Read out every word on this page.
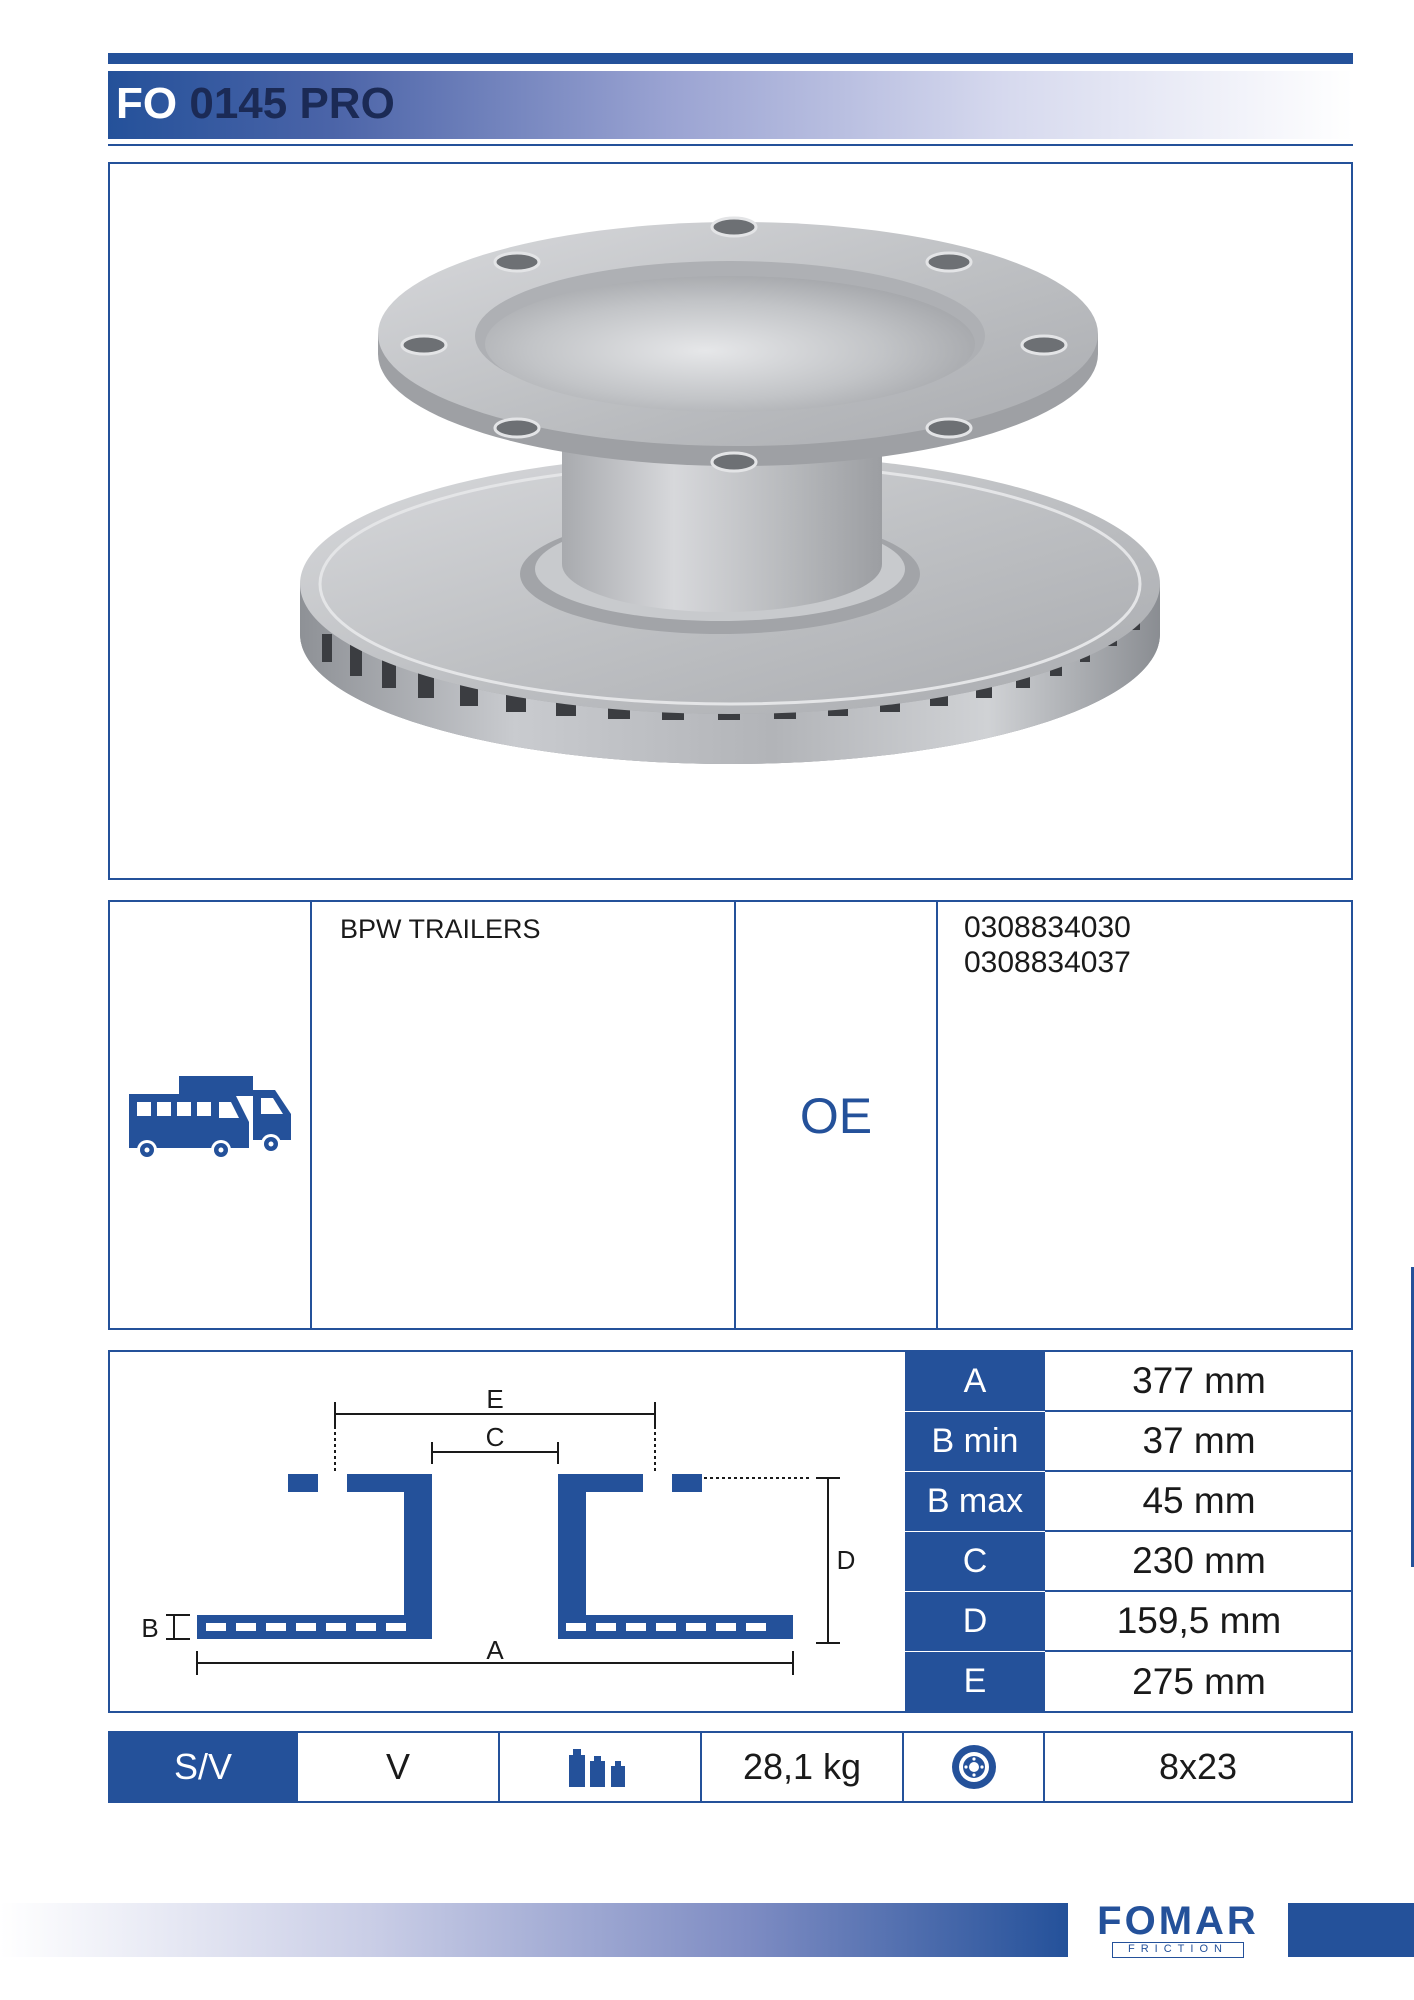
FO 0145 PRO
BPW TRAILERS
OE
0308834030
0308834037
E
C
D
B
A
A	377 mm
B min	37 mm
B max	45 mm
C	230 mm
D	159,5 mm
E	275 mm
S/V	V	28,1 kg	8x23
FOMAR
FRICTION
